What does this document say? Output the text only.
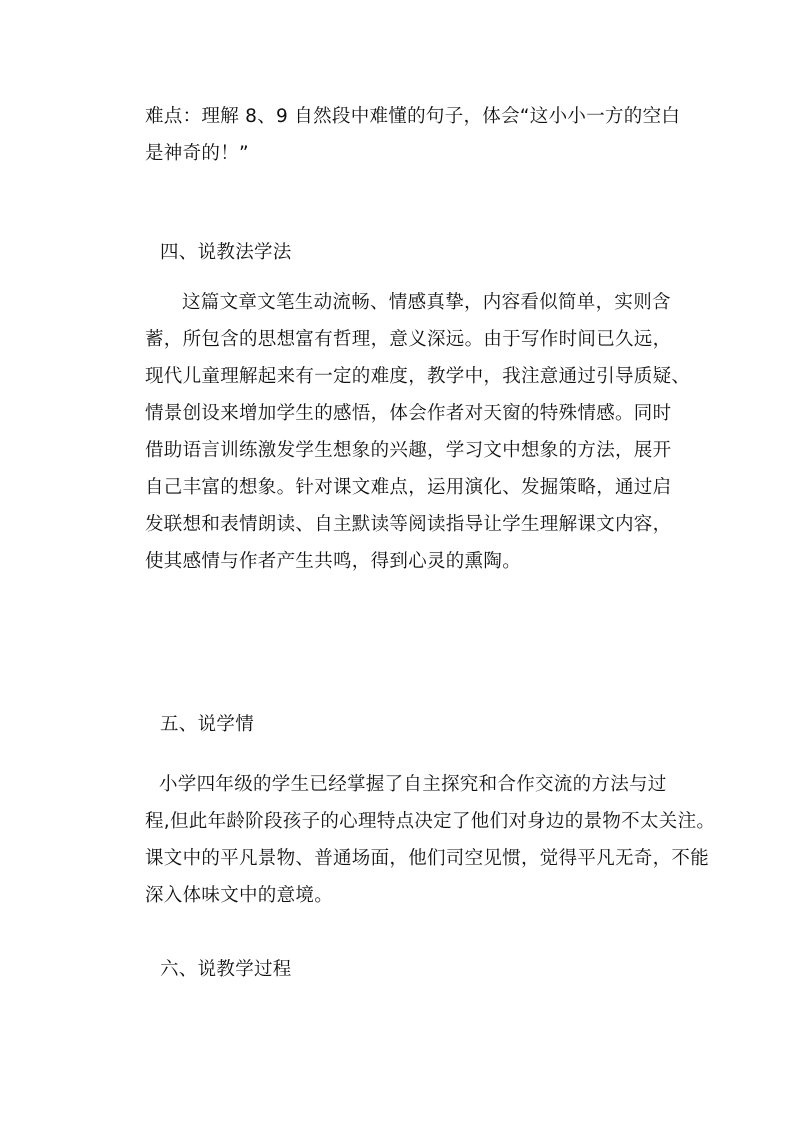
难点：理解 8、9 自然段中难懂的句子，体会“这小小一方的空白
是神奇的！”
四、说教法学法
这篇文章文笔生动流畅、情感真挚，内容看似简单，实则含
蓄，所包含的思想富有哲理，意义深远。由于写作时间已久远，
现代儿童理解起来有一定的难度，教学中，我注意通过引导质疑、
情景创设来增加学生的感悟，体会作者对天窗的特殊情感。同时
借助语言训练激发学生想象的兴趣，学习文中想象的方法，展开
自己丰富的想象。针对课文难点，运用演化、发掘策略，通过启
发联想和表情朗读、自主默读等阅读指导让学生理解课文内容，
使其感情与作者产生共鸣，得到心灵的熏陶。
五、说学情
小学四年级的学生已经掌握了自主探究和合作交流的方法与过
程,但此年龄阶段孩子的心理特点决定了他们对身边的景物不太关注。
课文中的平凡景物、普通场面，他们司空见惯，觉得平凡无奇，不能
深入体味文中的意境。
六、说教学过程
